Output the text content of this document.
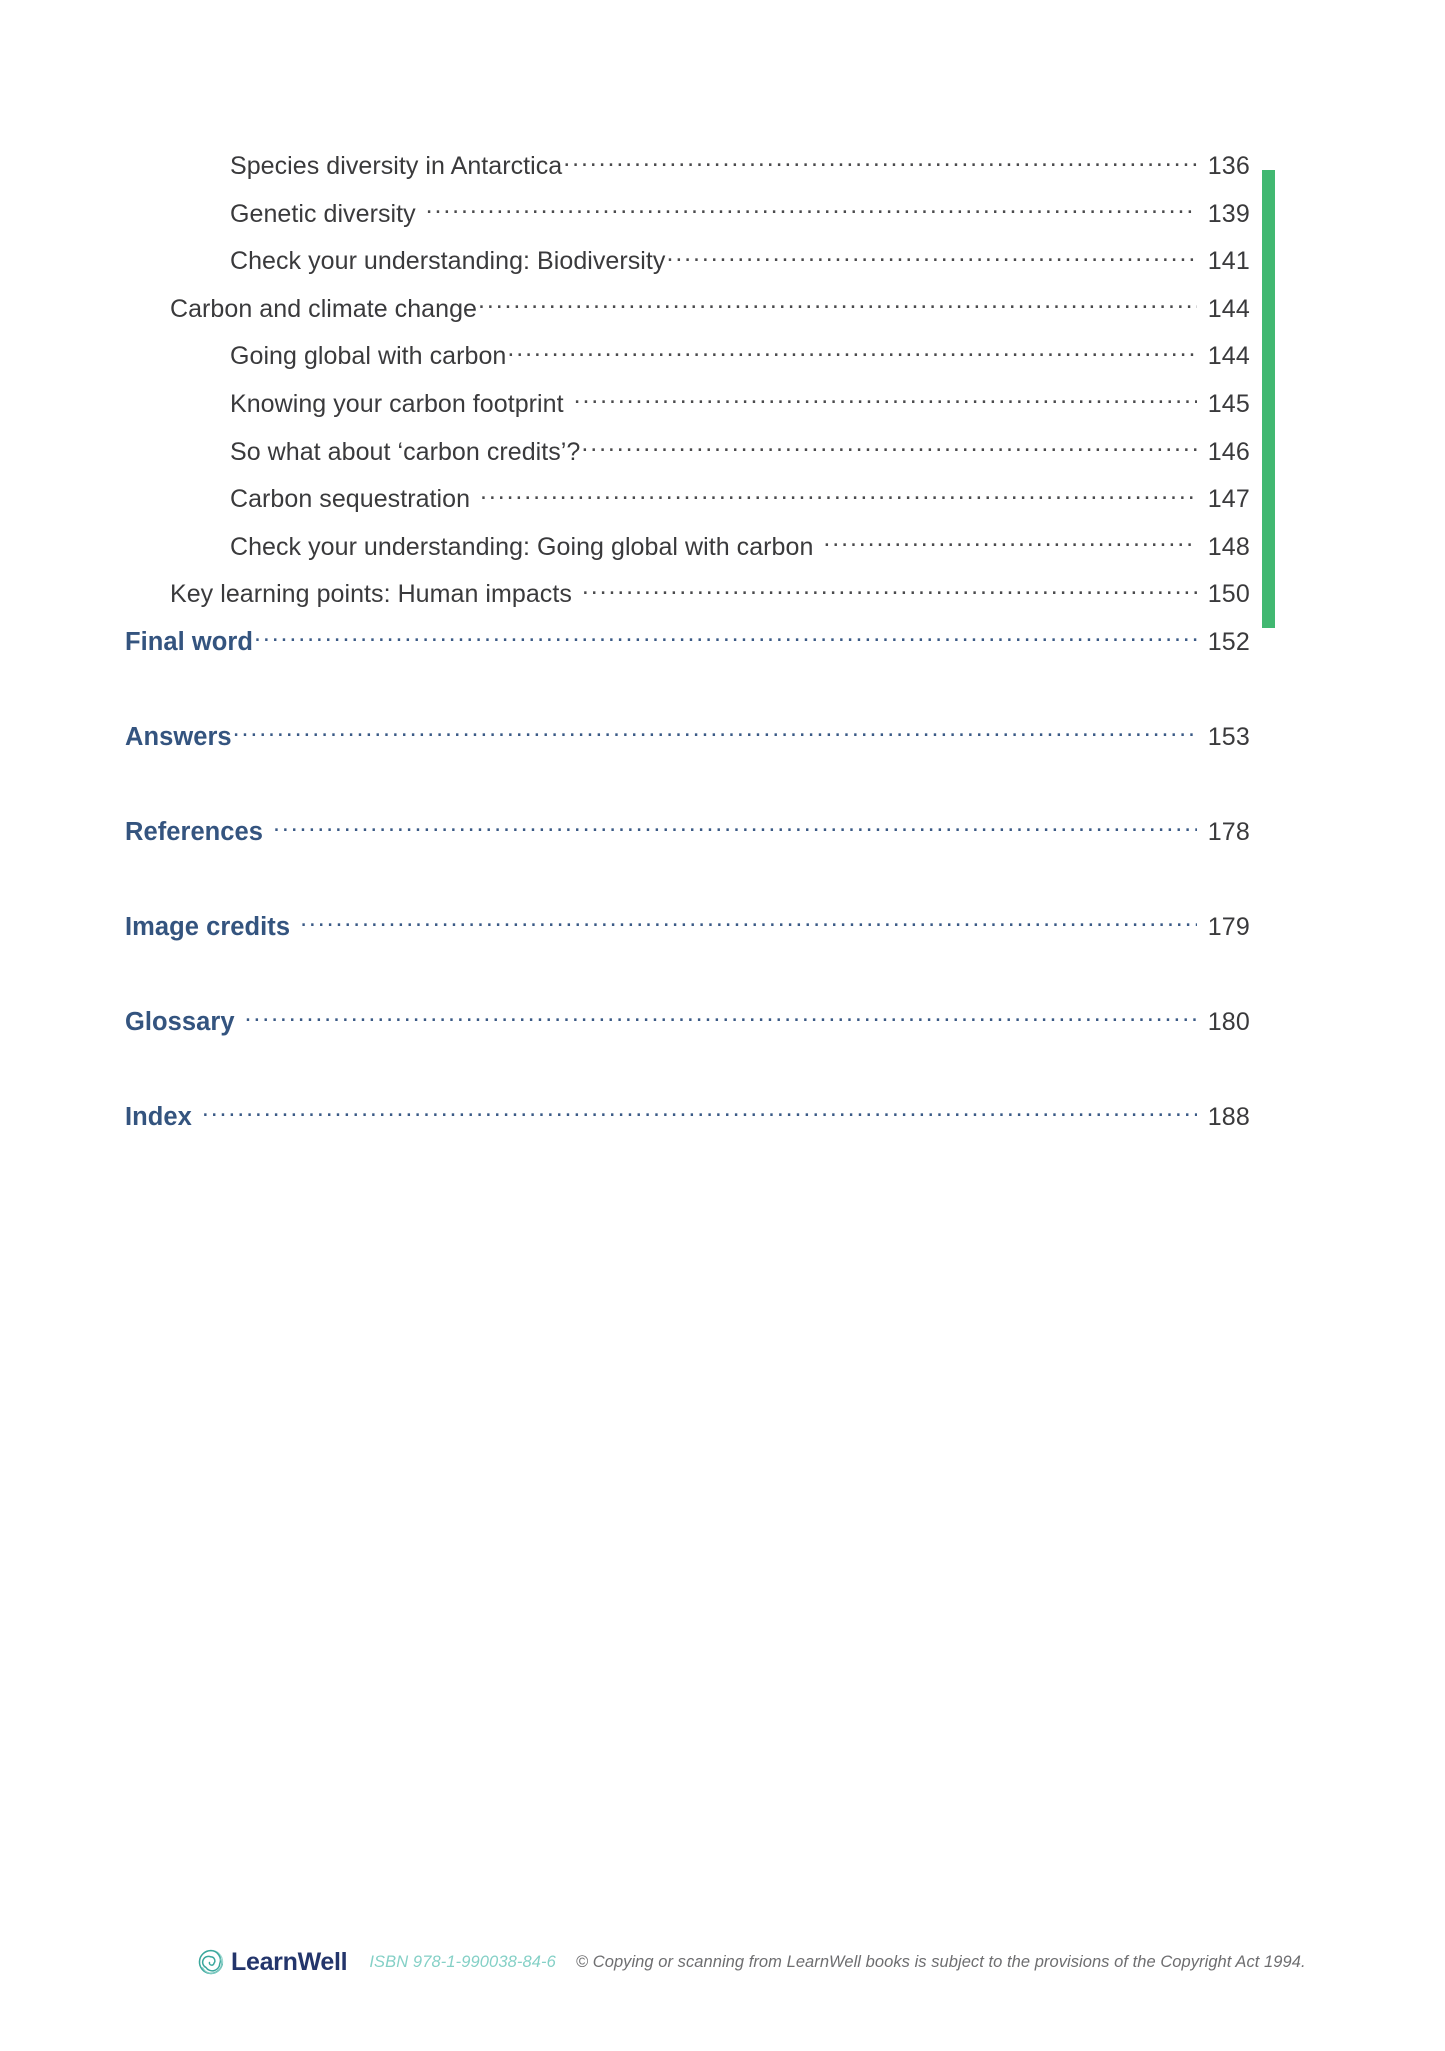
Species diversity in Antarctica .....	136
Genetic diversity .....	139
Check your understanding: Biodiversity .....	141
Carbon and climate change .....	144
Going global with carbon .....	144
Knowing your carbon footprint .....	145
So what about ‘carbon credits’? .....	146
Carbon sequestration .....	147
Check your understanding: Going global with carbon .....	148
Key learning points: Human impacts .....	150
Final word .....	152
Answers .....	153
References .....	178
Image credits .....	179
Glossary .....	180
Index .....	188
LearnWell ISBN 978-1-990038-84-6 © Copying or scanning from LearnWell books is subject to the provisions of the Copyright Act 1994.
